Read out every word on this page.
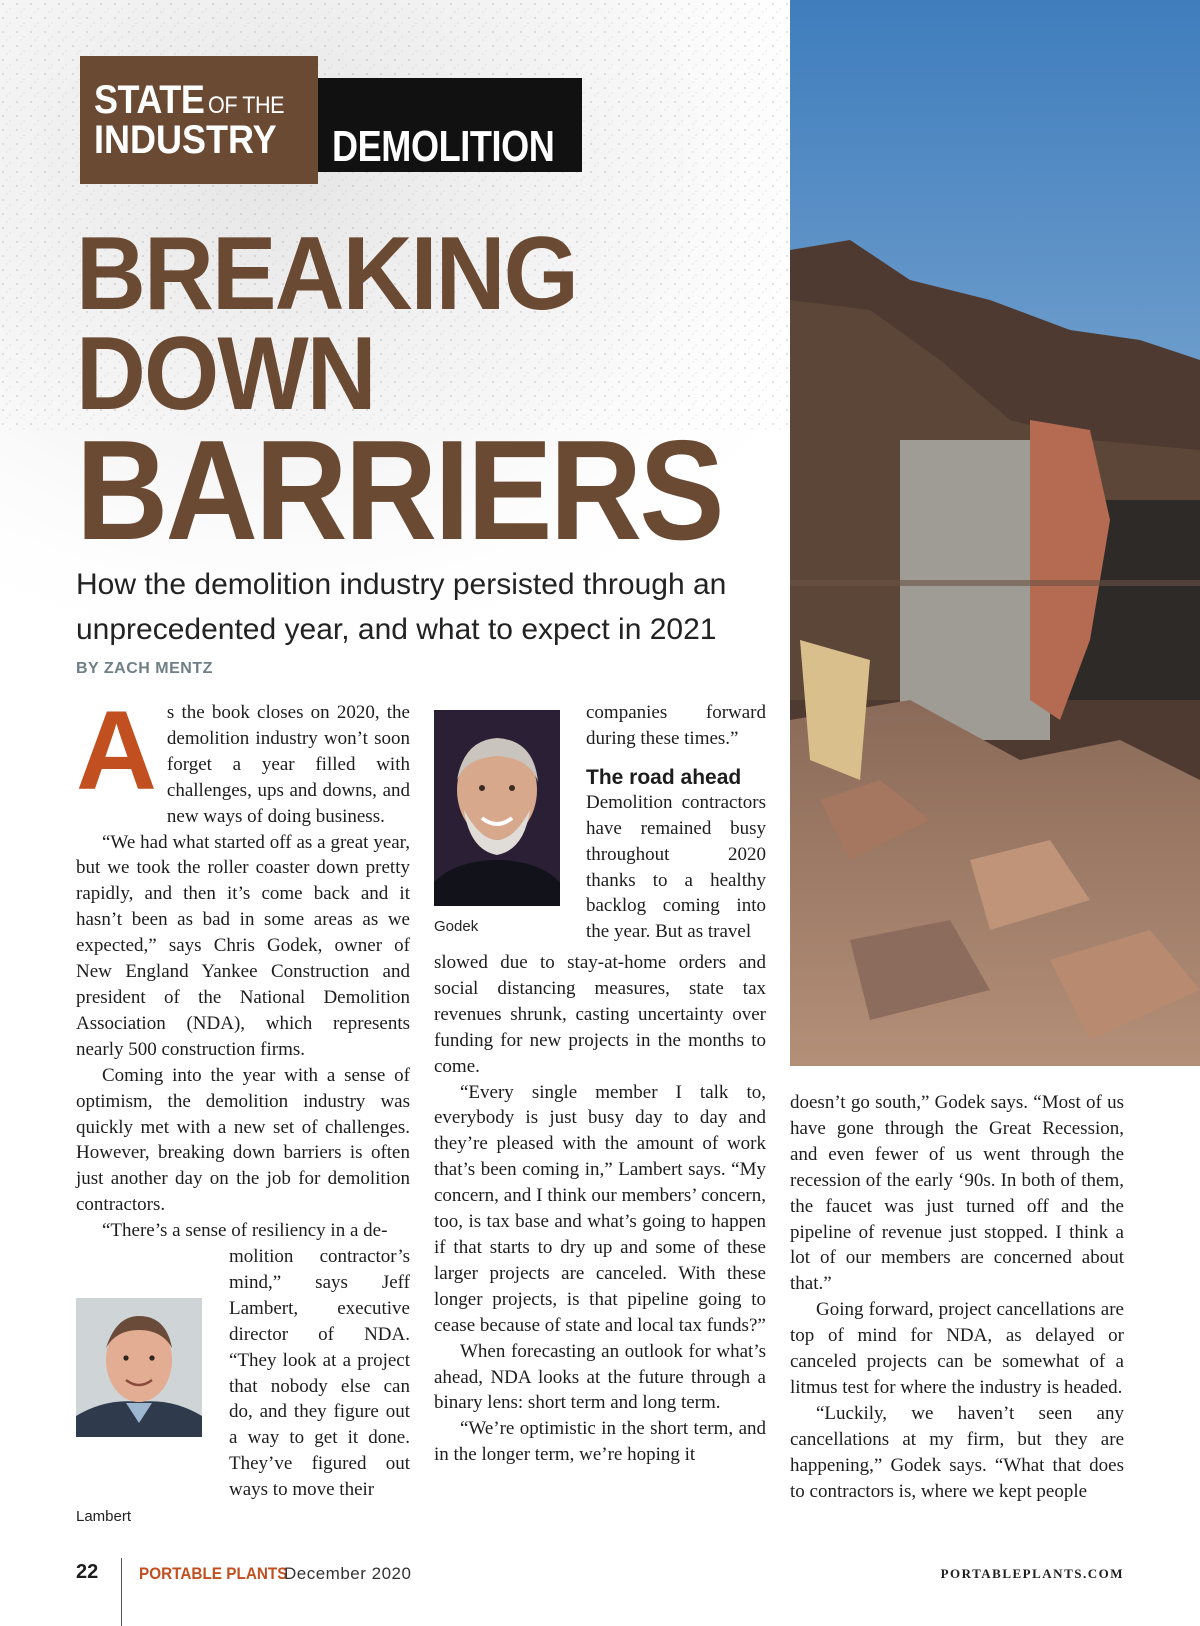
STATE OF THE
INDUSTRY DEMOLITION
BREAKING
DOWN
BARRIERS
How the demolition industry persisted through an unprecedented year, and what to expect in 2021
BY ZACH MENTZ
A s the book closes on 2020, the demolition industry won’t soon forget a year filled with challenges, ups and downs, and new ways of doing business.

“We had what started off as a great year, but we took the roller coaster down pretty rapidly, and then it’s come back and it hasn’t been as bad in some areas as we expected,” says Chris Godek, owner of New England Yankee Construction and president of the National Demolition Association (NDA), which represents nearly 500 construction firms.

Coming into the year with a sense of optimism, the demolition industry was quickly met with a new set of challenges. However, breaking down barriers is often just another day on the job for demolition contractors.

“There’s a sense of resiliency in a de-

molition contractor’s mind,” says Jeff Lambert, executive director of NDA. “They look at a project that nobody else can do, and they figure out a way to get it done. They’ve figured out ways to move their

Godek
Lambert

companies forward during these times.”

The road ahead

Demolition contractors have remained busy throughout 2020 thanks to a healthy backlog coming into the year. But as travel

slowed due to stay-at-home orders and social distancing measures, state tax revenues shrunk, casting uncertainty over funding for new projects in the months to come.

“Every single member I talk to, everybody is just busy day to day and they’re pleased with the amount of work that’s been coming in,” Lambert says. “My concern, and I think our members’ concern, too, is tax base and what’s going to happen if that starts to dry up and some of these larger projects are canceled. With these longer projects, is that pipeline going to cease because of state and local tax funds?”

When forecasting an outlook for what’s ahead, NDA looks at the future through a binary lens: short term and long term.

“We’re optimistic in the short term, and in the longer term, we’re hoping it

doesn’t go south,” Godek says. “Most of us have gone through the Great Recession, and even fewer of us went through the recession of the early ‘90s. In both of them, the faucet was just turned off and the pipeline of revenue just stopped. I think a lot of our members are concerned about that.”

Going forward, project cancellations are top of mind for NDA, as delayed or canceled projects can be somewhat of a litmus test for where the industry is headed.

“Luckily, we haven’t seen any cancellations at my firm, but they are happening,” Godek says. “What that does to contractors is, where we kept people

22 PORTABLE PLANTS
December 2020	PORTABLEPLANTS.COM
